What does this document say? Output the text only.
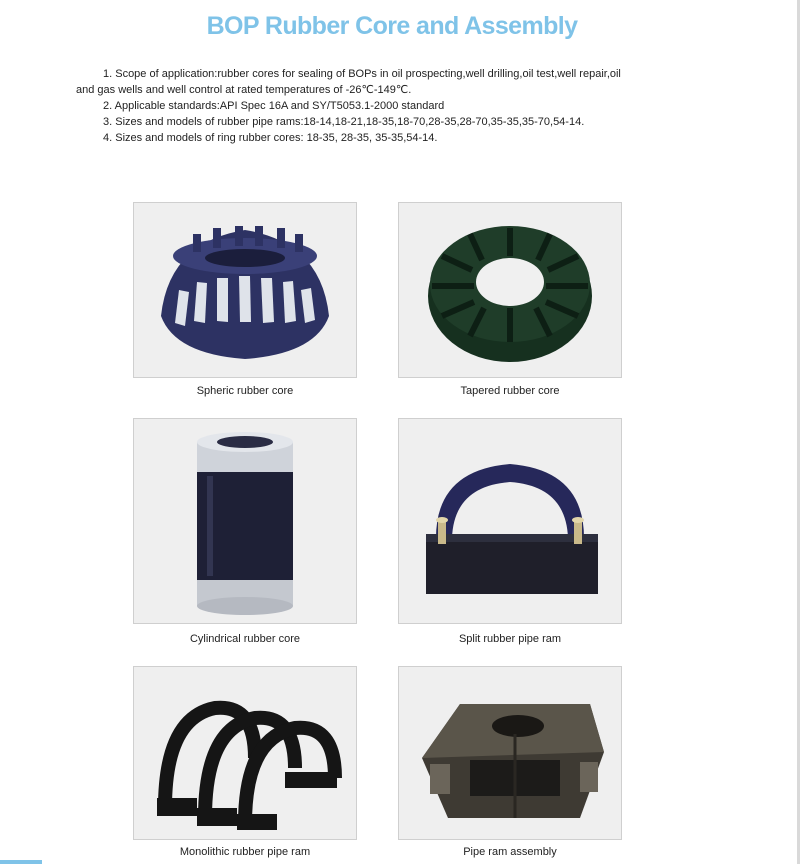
BOP Rubber Core and Assembly

1. Scope of application:rubber cores for sealing of BOPs in oil prospecting,well drilling,oil test,well repair,oil

and gas wells and well control at rated temperatures of -26℃-149℃.

2. Applicable standards:API Spec 16A and SY/T5053.1-2000 standard

3. Sizes and models of rubber pipe rams:18-14,18-21,18-35,18-70,28-35,28-70,35-35,35-70,54-14.

4. Sizes and models of ring rubber cores: 18-35, 28-35, 35-35,54-14.

Spheric rubber core	Tapered rubber core
Cylindrical rubber core	Split rubber pipe ram
Monolithic rubber pipe ram	Pipe ram assembly
